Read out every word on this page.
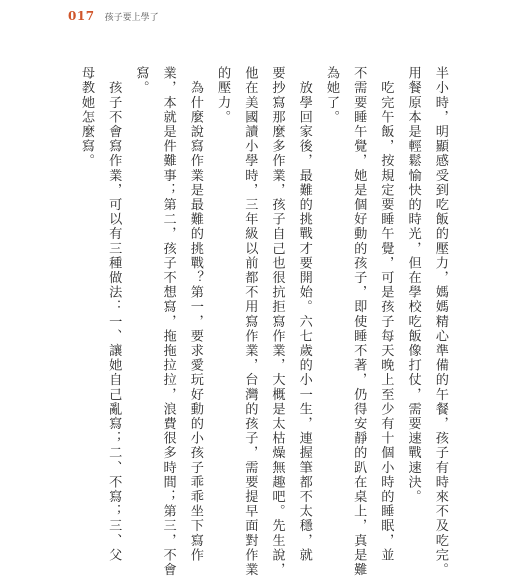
017 孩子要上學了
半小時，明顯感受到吃飯的壓力，媽媽精心準備的午餐，孩子有時來不及吃完。
用餐原本是輕鬆愉快的時光，但在學校吃飯像打仗，需要速戰速決。
　吃完午飯，按規定要睡午覺，可是孩子每天晚上至少有十個小時的睡眠，並
不需要睡午覺，她是個好動的孩子，即使睡不著，仍得安靜的趴在桌上，真是難
為她了。
　放學回家後，最難的挑戰才要開始。六七歲的小一生，連握筆都不太穩，就
要抄寫那麼多作業，孩子自己也很抗拒寫作業，大概是太枯燥無趣吧。先生說，
他在美國讀小學時，三年級以前都不用寫作業，台灣的孩子，需要提早面對作業
的壓力。
　為什麼說寫作業是最難的挑戰？第一，要求愛玩好動的小孩子乖乖坐下寫作
業，本就是件難事；第二，孩子不想寫，拖拖拉拉，浪費很多時間；第三，不會
寫。
　孩子不會寫作業，可以有三種做法：一、讓她自己亂寫；二、不寫；三、父
母教她怎麼寫。
